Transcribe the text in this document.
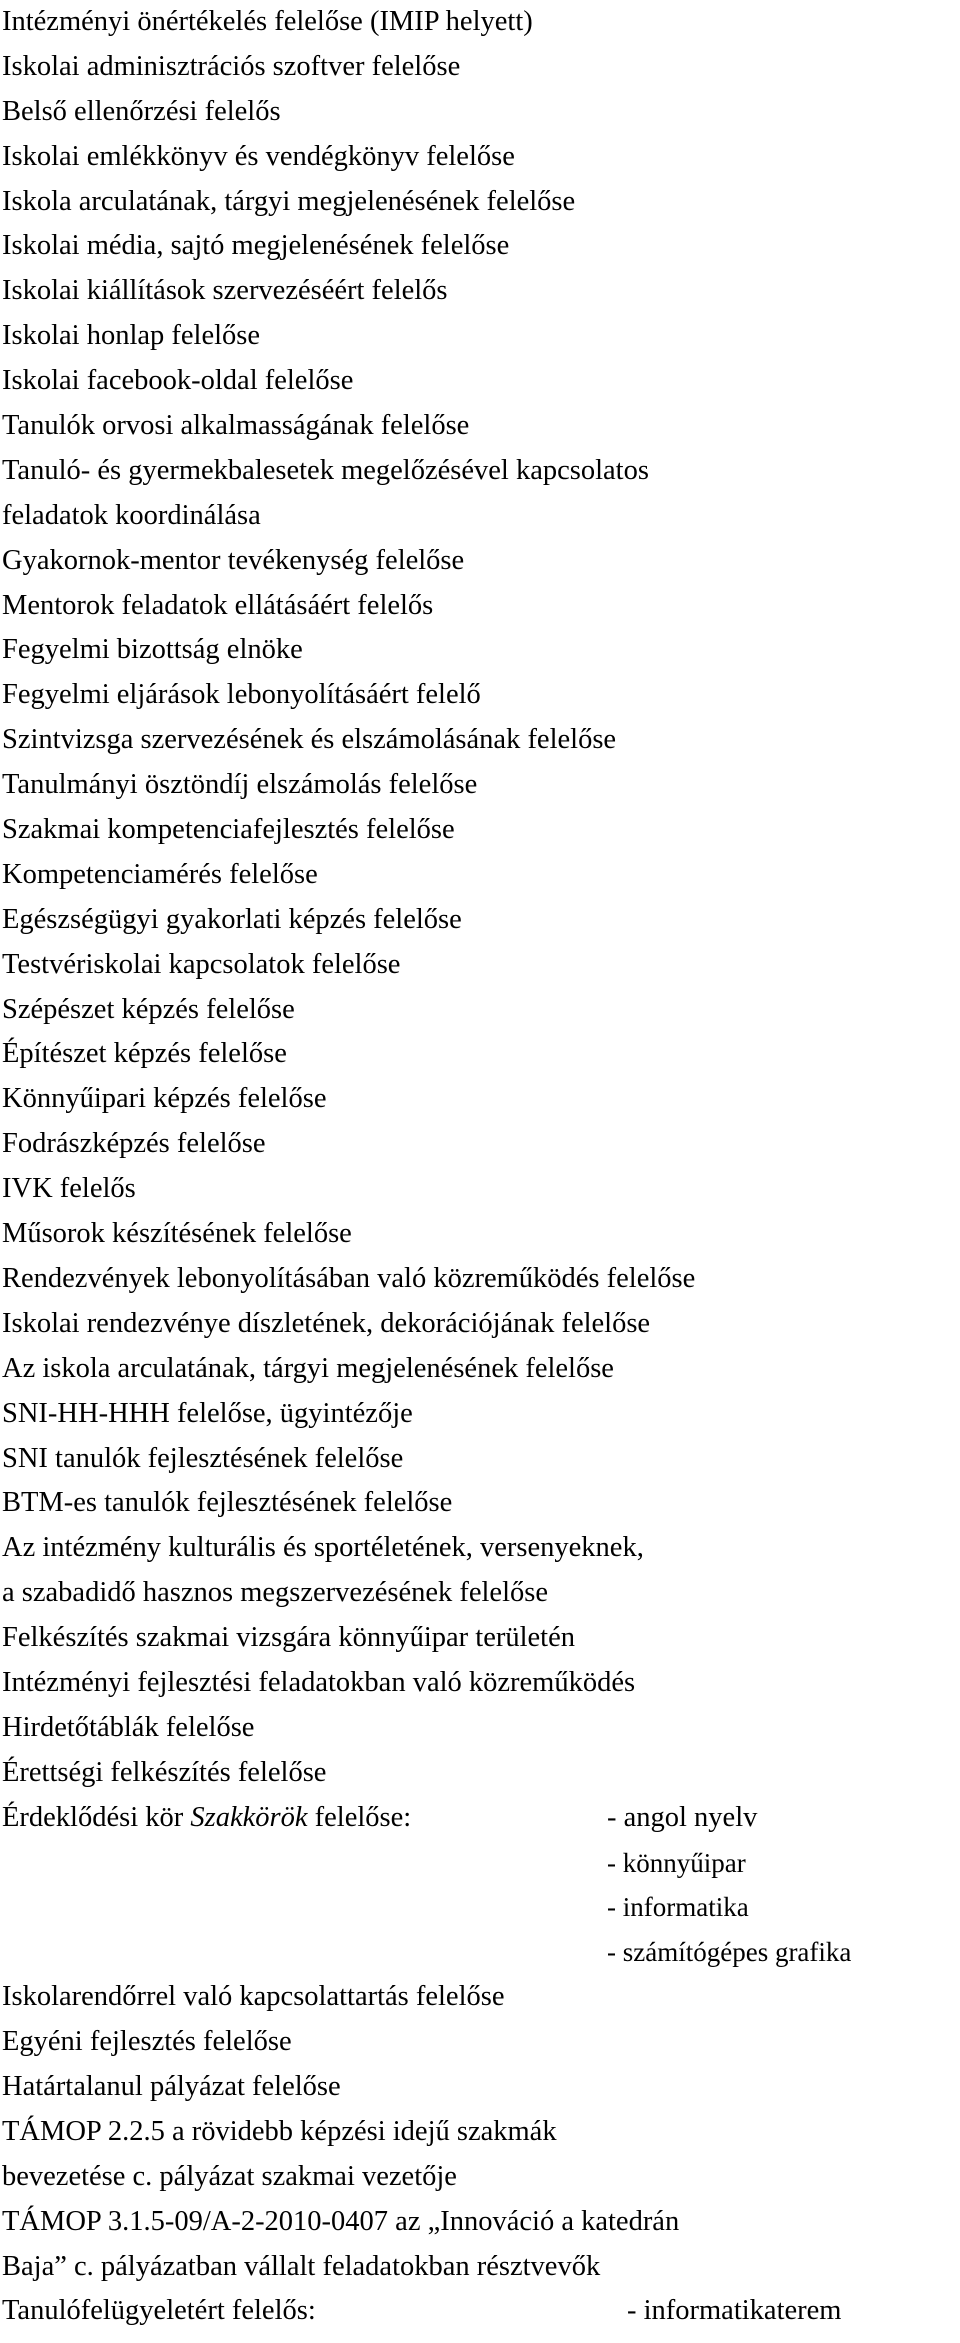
Intézményi önértékelés felelőse (IMIP helyett)
Iskolai adminisztrációs szoftver felelőse
Belső ellenőrzési felelős
Iskolai emlékkönyv és vendégkönyv felelőse
Iskola arculatának, tárgyi megjelenésének felelőse
Iskolai média, sajtó megjelenésének felelőse
Iskolai kiállítások szervezéséért felelős
Iskolai honlap felelőse
Iskolai facebook-oldal felelőse
Tanulók orvosi alkalmasságának felelőse
Tanuló- és gyermekbalesetek megelőzésével kapcsolatos
feladatok koordinálása
Gyakornok-mentor tevékenység felelőse
Mentorok feladatok ellátásáért felelős
Fegyelmi bizottság elnöke
Fegyelmi eljárások lebonyolításáért felelő
Szintvizsga szervezésének és elszámolásának felelőse
Tanulmányi ösztöndíj elszámolás felelőse
Szakmai kompetenciafejlesztés felelőse
Kompetenciamérés felelőse
Egészségügyi gyakorlati képzés felelőse
Testvériskolai kapcsolatok felelőse
Szépészet képzés felelőse
Építészet képzés felelőse
Könnyűipari képzés felelőse
Fodrászképzés felelőse
IVK felelős
Műsorok készítésének felelőse
Rendezvények lebonyolításában való közreműködés felelőse
Iskolai rendezvénye díszletének, dekorációjának felelőse
Az iskola arculatának, tárgyi megjelenésének felelőse
SNI-HH-HHH felelőse, ügyintézője
SNI tanulók fejlesztésének felelőse
BTM-es tanulók fejlesztésének felelőse
Az intézmény kulturális és sportéletének, versenyeknek,
a szabadidő hasznos megszervezésének felelőse
Felkészítés szakmai vizsgára könnyűipar területén
Intézményi fejlesztési feladatokban való közreműködés
Hirdetőtáblák felelőse
Érettségi felkészítés felelőse
Érdeklődési kör Szakkörök felelőse:	- angol nyelv
- könnyűipar
- informatika
- számítógépes grafika
Iskolarendőrrel való kapcsolattartás felelőse
Egyéni fejlesztés felelőse
Határtalanul pályázat felelőse
TÁMOP 2.2.5 a rövidebb képzési idejű szakmák
bevezetése c. pályázat szakmai vezetője
TÁMOP 3.1.5-09/A-2-2010-0407 az „Innováció a katedrán
Baja” c. pályázatban vállalt feladatokban résztvevők
Tanulófelügyeletért felelős:	- informatikaterem
